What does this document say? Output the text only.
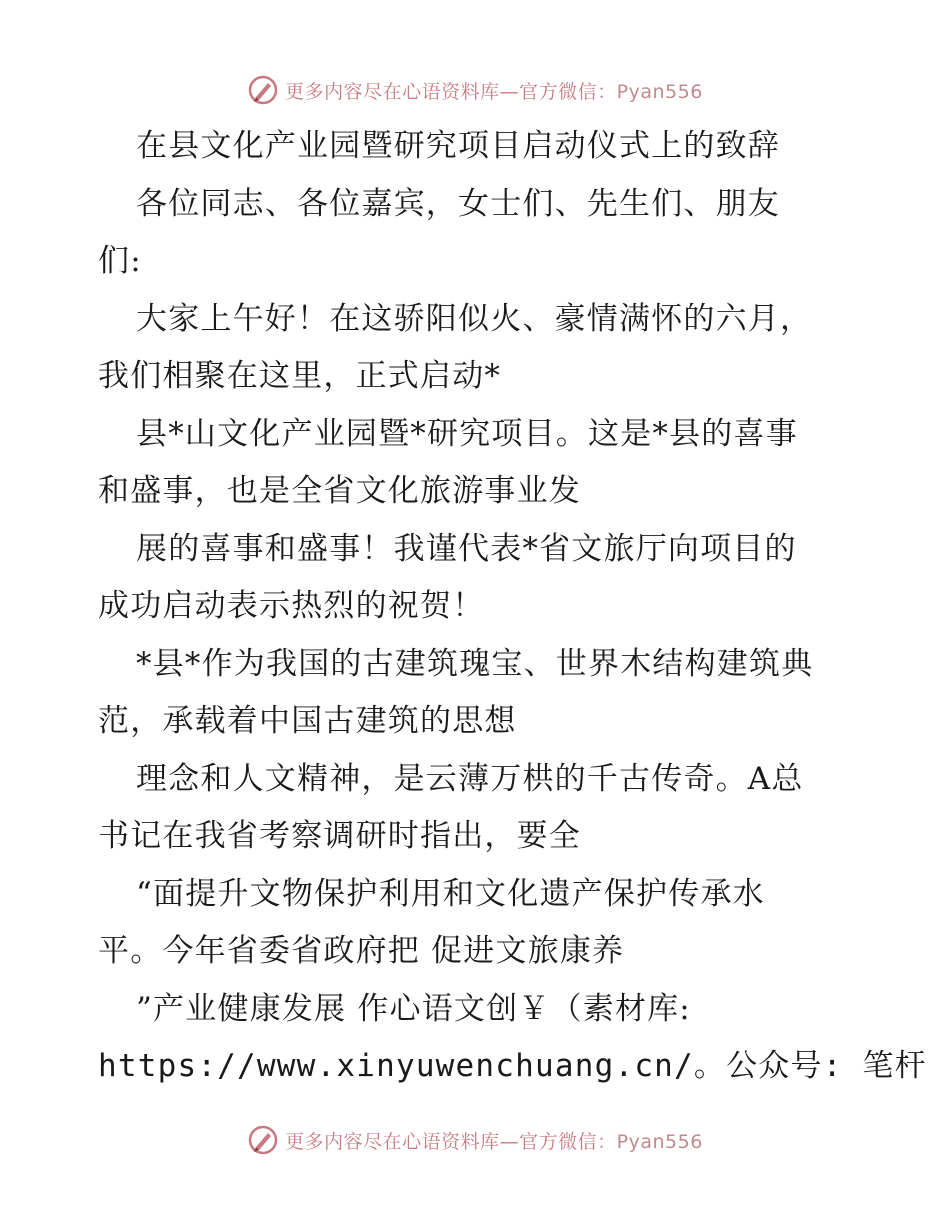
更多内容尽在心语资料库—官方微信：Pyan556
在县文化产业园暨研究项目启动仪式上的致辞
各位同志、各位嘉宾，女士们、先生们、朋友
们:
大家上午好！在这骄阳似火、豪情满怀的六月，
我们相聚在这里，正式启动*
县*山文化产业园暨*研究项目。这是*县的喜事
和盛事，也是全省文化旅游事业发
展的喜事和盛事！我谨代表*省文旅厅向项目的
成功启动表示热烈的祝贺！
*县*作为我国的古建筑瑰宝、世界木结构建筑典
范，承载着中国古建筑的思想
理念和人文精神，是云薄万栱的千古传奇。A总
书记在我省考察调研时指出，要全
“面提升文物保护利用和文化遗产保护传承水
平。今年省委省政府把 促进文旅康养
”产业健康发展 作心语文创￥（素材库:
https://www.xinyuwenchuang.cn/。公众号: 笔杆
更多内容尽在心语资料库—官方微信：Pyan556
